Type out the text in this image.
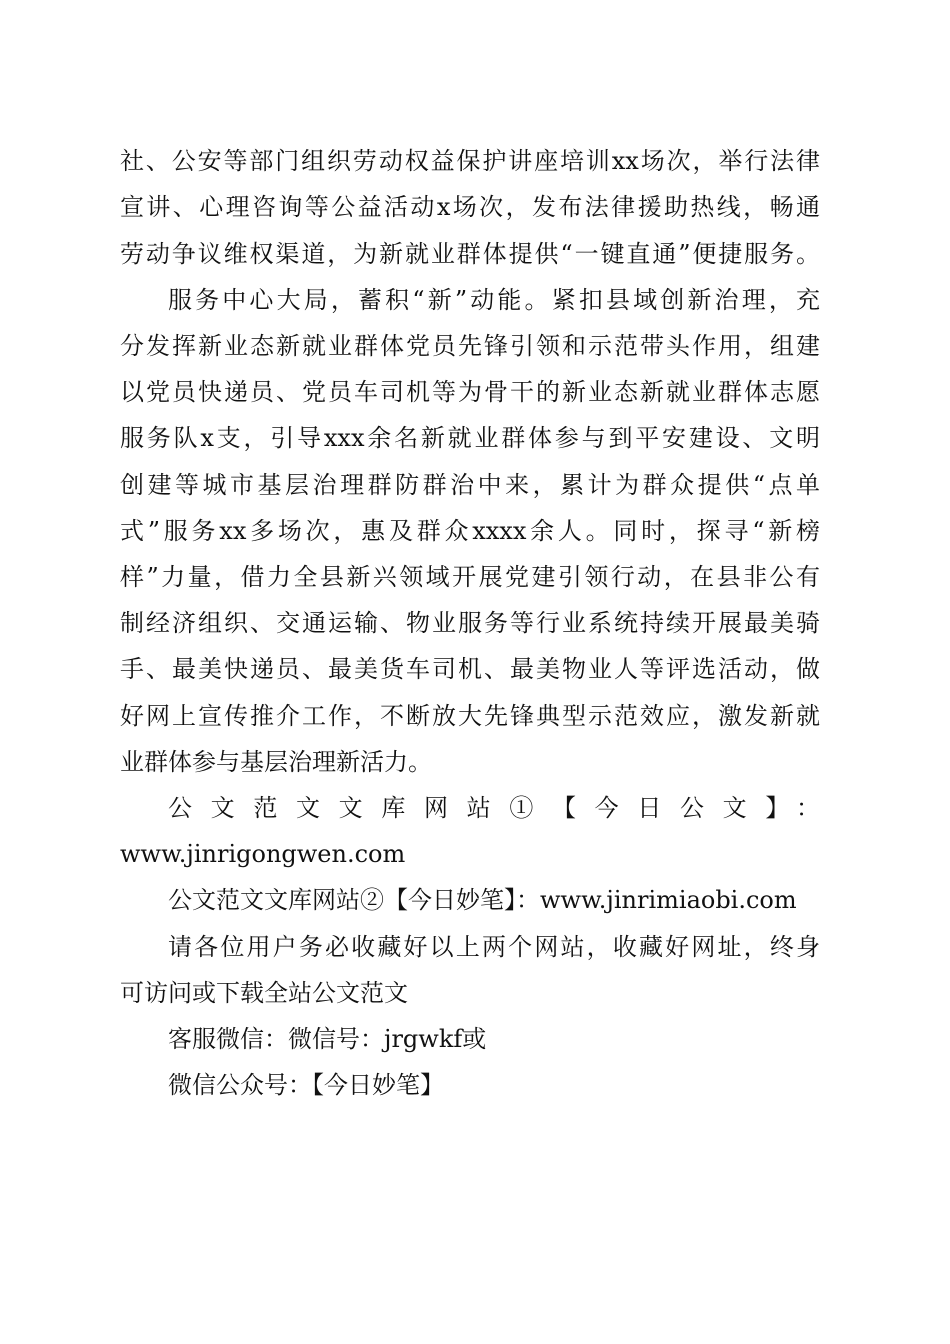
社、公安等部门组织劳动权益保护讲座培训xx场次，举行法律
宣讲、心理咨询等公益活动x场次，发布法律援助热线，畅通
劳动争议维权渠道，为新就业群体提供“一键直通”便捷服务。
服务中心大局，蓄积“新”动能。紧扣县域创新治理，充
分发挥新业态新就业群体党员先锋引领和示范带头作用，组建
以党员快递员、党员车司机等为骨干的新业态新就业群体志愿
服务队x支，引导xxx余名新就业群体参与到平安建设、文明
创建等城市基层治理群防群治中来，累计为群众提供“点单
式”服务xx多场次，惠及群众xxxx余人。同时，探寻“新榜
样”力量，借力全县新兴领域开展党建引领行动，在县非公有
制经济组织、交通运输、物业服务等行业系统持续开展最美骑
手、最美快递员、最美货车司机、最美物业人等评选活动，做
好网上宣传推介工作，不断放大先锋典型示范效应，激发新就
业群体参与基层治理新活力。
公文范文文库网站①【今日公文】：
www.jinrigongwen.com
公文范文文库网站②【今日妙笔】：www.jinrimiaobi.com
请各位用户务必收藏好以上两个网站，收藏好网址，终身
可访问或下载全站公文范文
客服微信：微信号：jrgwkf或
微信公众号：【今日妙笔】
